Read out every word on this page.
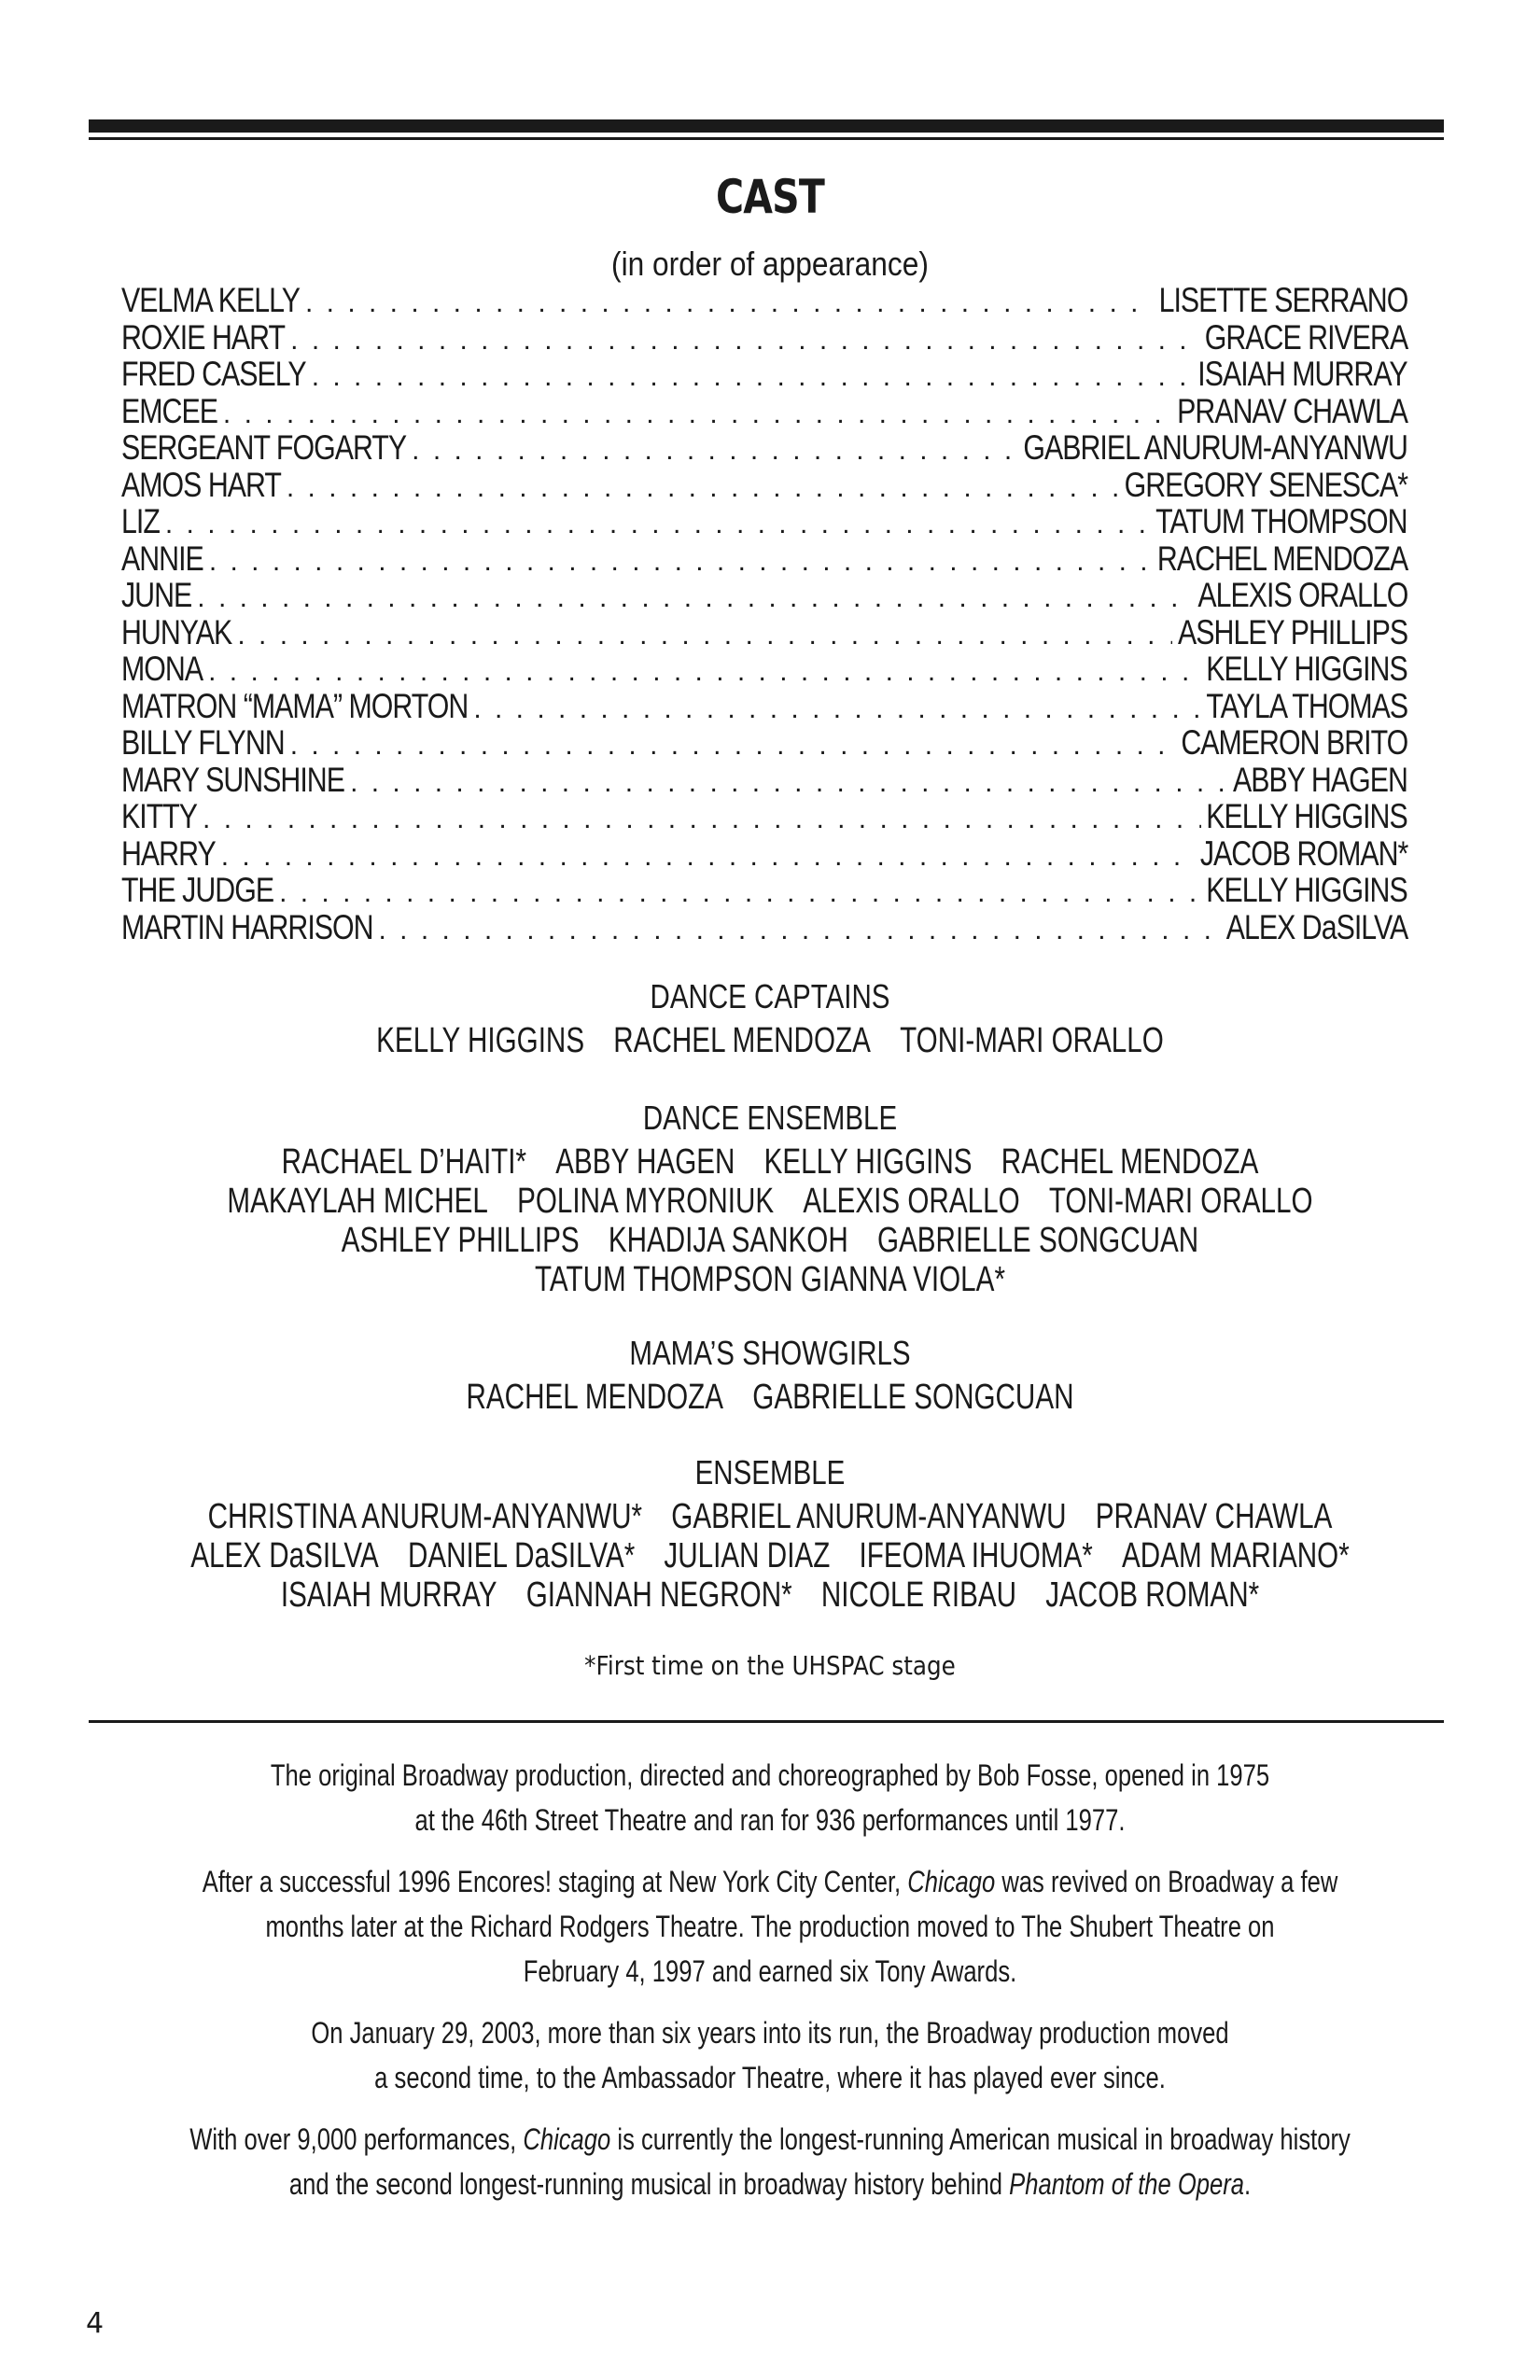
CAST
(in order of appearance)
VELMA KELLY . . .	LISETTE SERRANO
ROXIE HART . . .	GRACE RIVERA
FRED CASELY . . .	ISAIAH MURRAY
EMCEE . . .	PRANAV CHAWLA
SERGEANT FOGARTY . . .	GABRIEL ANURUM-ANYANWU
AMOS HART . . .	GREGORY SENESCA*
LIZ . . .	TATUM THOMPSON
ANNIE . . .	RACHEL MENDOZA
JUNE . . .	ALEXIS ORALLO
HUNYAK . . .	ASHLEY PHILLIPS
MONA . . .	KELLY HIGGINS
MATRON “MAMA” MORTON . . .	TAYLA THOMAS
BILLY FLYNN . . .	CAMERON BRITO
MARY SUNSHINE . . .	ABBY HAGEN
KITTY . . .	KELLY HIGGINS
HARRY . . .	JACOB ROMAN*
THE JUDGE . . .	KELLY HIGGINS
MARTIN HARRISON . . .	ALEX DaSILVA
DANCE CAPTAINS
KELLY HIGGINS RACHEL MENDOZA TONI-MARI ORALLO
DANCE ENSEMBLE
RACHAEL D’HAITI* ABBY HAGEN KELLY HIGGINS RACHEL MENDOZA
MAKAYLAH MICHEL POLINA MYRONIUK ALEXIS ORALLO TONI-MARI ORALLO
ASHLEY PHILLIPS KHADIJA SANKOH GABRIELLE SONGCUAN
TATUM THOMPSON GIANNA VIOLA*
MAMA’S SHOWGIRLS
RACHEL MENDOZA GABRIELLE SONGCUAN
ENSEMBLE
CHRISTINA ANURUM-ANYANWU* GABRIEL ANURUM-ANYANWU PRANAV CHAWLA
ALEX DaSILVA DANIEL DaSILVA* JULIAN DIAZ IFEOMA IHUOMA* ADAM MARIANO*
ISAIAH MURRAY GIANNAH NEGRON* NICOLE RIBAU JACOB ROMAN*
*First time on the UHSPAC stage

The original Broadway production, directed and choreographed by Bob Fosse, opened in 1975
at the 46th Street Theatre and ran for 936 performances until 1977.

After a successful 1996 Encores! staging at New York City Center, Chicago was revived on Broadway a few
months later at the Richard Rodgers Theatre. The production moved to The Shubert Theatre on
February 4, 1997 and earned six Tony Awards.

On January 29, 2003, more than six years into its run, the Broadway production moved
a second time, to the Ambassador Theatre, where it has played ever since.

With over 9,000 performances, Chicago is currently the longest-running American musical in broadway history
and the second longest-running musical in broadway history behind Phantom of the Opera.

4
